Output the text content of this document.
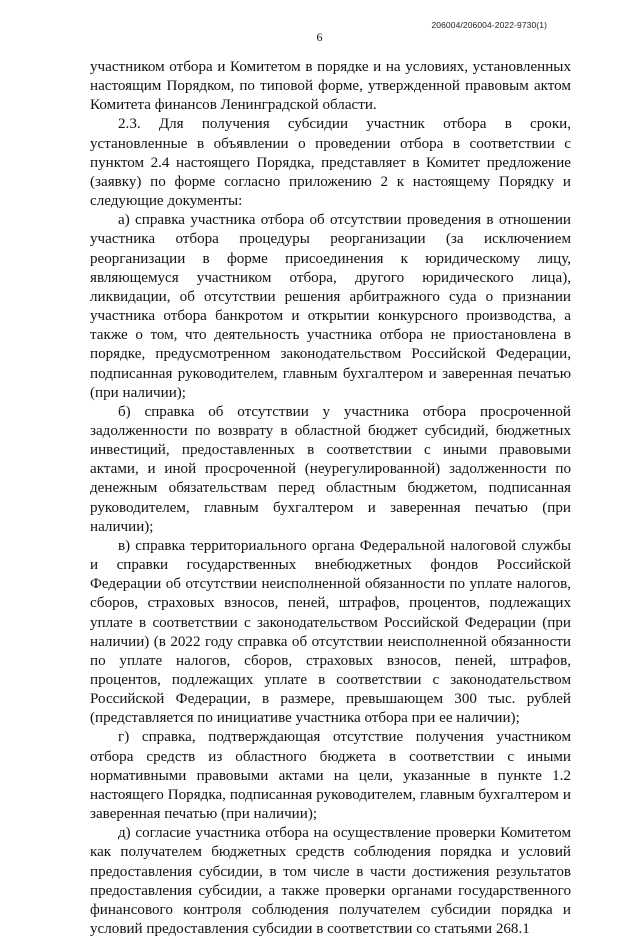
206004/206004-2022-9730(1)
6

участником отбора и Комитетом в порядке и на условиях, установленных настоящим Порядком, по типовой форме, утвержденной правовым актом Комитета финансов Ленинградской области.

2.3. Для получения субсидии участник отбора в сроки, установленные в объявлении о проведении отбора в соответствии с пунктом 2.4 настоящего Порядка, представляет в Комитет предложение (заявку) по форме согласно приложению 2 к настоящему Порядку и следующие документы:

а) справка участника отбора об отсутствии проведения в отношении участника отбора процедуры реорганизации (за исключением реорганизации в форме присоединения к юридическому лицу, являющемуся участником отбора, другого юридического лица), ликвидации, об отсутствии решения арбитражного суда о признании участника отбора банкротом и открытии конкурсного производства, а также о том, что деятельность участника отбора не приостановлена в порядке, предусмотренном законодательством Российской Федерации, подписанная руководителем, главным бухгалтером и заверенная печатью (при наличии);

б) справка об отсутствии у участника отбора просроченной задолженности по возврату в областной бюджет субсидий, бюджетных инвестиций, предоставленных в соответствии с иными правовыми актами, и иной просроченной (неурегулированной) задолженности по денежным обязательствам перед областным бюджетом, подписанная руководителем, главным бухгалтером и заверенная печатью (при наличии);

в) справка территориального органа Федеральной налоговой службы и справки государственных внебюджетных фондов Российской Федерации об отсутствии неисполненной обязанности по уплате налогов, сборов, страховых взносов, пеней, штрафов, процентов, подлежащих уплате в соответствии с законодательством Российской Федерации (при наличии) (в 2022 году справка об отсутствии неисполненной обязанности по уплате налогов, сборов, страховых взносов, пеней, штрафов, процентов, подлежащих уплате в соответствии с законодательством Российской Федерации, в размере, превышающем 300 тыс. рублей (представляется по инициативе участника отбора при ее наличии);

г) справка, подтверждающая отсутствие получения участником отбора средств из областного бюджета в соответствии с иными нормативными правовыми актами на цели, указанные в пункте 1.2 настоящего Порядка, подписанная руководителем, главным бухгалтером и заверенная печатью (при наличии);

д) согласие участника отбора на осуществление проверки Комитетом как получателем бюджетных средств соблюдения порядка и условий предоставления субсидии, в том числе в части достижения результатов предоставления субсидии, а также проверки органами государственного финансового контроля соблюдения получателем субсидии порядка и условий предоставления субсидии в соответствии со статьями 268.1
